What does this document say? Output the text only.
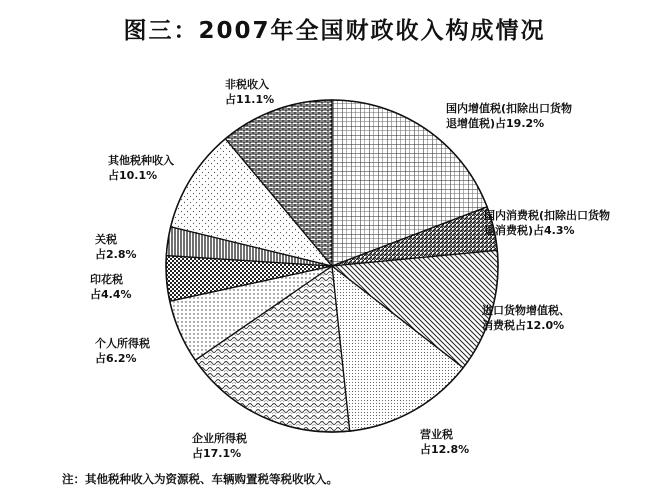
图三：2007年全国财政收入构成情况
国内增值税(扣除出口货物退增值税)占19.2%
国内消费税(扣除出口货物退消费税)占4.3%
进口货物增值税、消费税占12.0%
营业税占12.8%
企业所得税占17.1%
个人所得税占6.2%
印花税占4.4%
关税占2.8%
其他税种收入占10.1%
非税收入占11.1%
注：其他税种收入为资源税、车辆购置税等税收收入。
